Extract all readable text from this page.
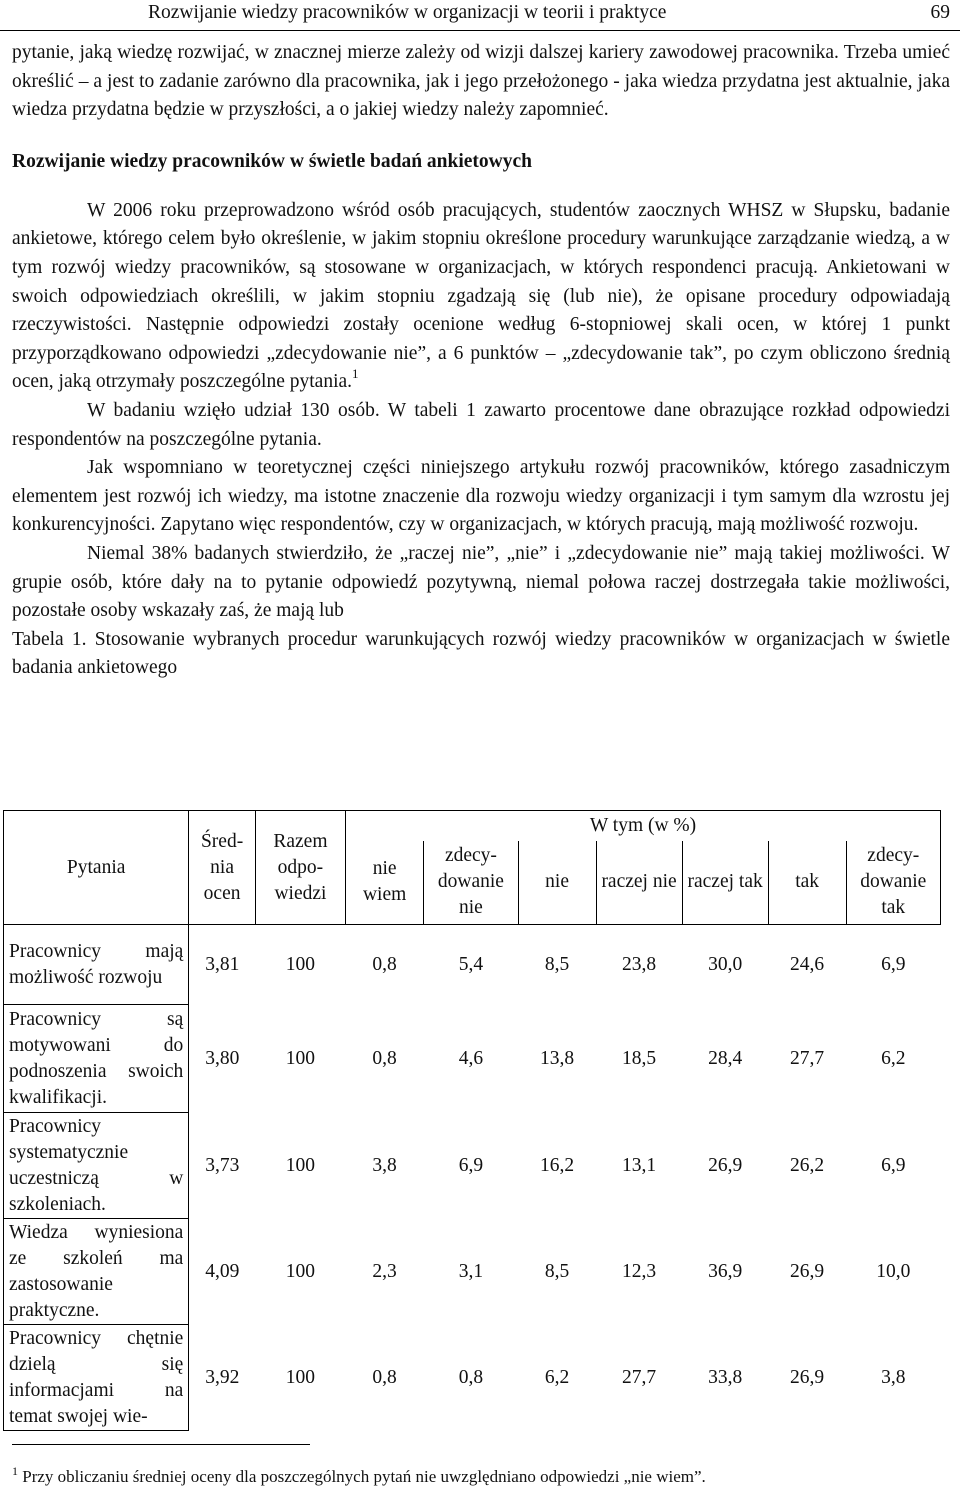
Rozwijanie wiedzy pracowników w organizacji w teorii i praktyce	69

pytanie, jaką wiedzę rozwijać, w znacznej mierze zależy od wizji dalszej kariery zawodowej pracownika. Trzeba umieć określić – a jest to zadanie zarówno dla pracownika, jak i jego przełożonego - jaka wiedza przydatna jest aktualnie, jaka wiedza przydatna będzie w przyszłości, a o jakiej wiedzy należy zapomnieć.

Rozwijanie wiedzy pracowników w świetle badań ankietowych

W 2006 roku przeprowadzono wśród osób pracujących, studentów zaocznych WHSZ w Słupsku, badanie ankietowe, którego celem było określenie, w jakim stopniu określone procedury warunkujące zarządzanie wiedzą, a w tym rozwój wiedzy pracowników, są stosowane w organizacjach, w których respondenci pracują. Ankietowani w swoich odpowiedziach określili, w jakim stopniu zgadzają się (lub nie), że opisane procedury odpowiadają rzeczywistości. Następnie odpowiedzi zostały ocenione według 6-stopniowej skali ocen, w której 1 punkt przyporządkowano odpowiedzi „zdecydowanie nie”, a 6 punktów – „zdecydowanie tak”, po czym obliczono średnią ocen, jaką otrzymały poszczególne pytania.$^1$

W badaniu wzięło udział 130 osób. W tabeli 1 zawarto procentowe dane obrazujące rozkład odpowiedzi respondentów na poszczególne pytania.

Jak wspomniano w teoretycznej części niniejszego artykułu rozwój pracowników, którego zasadniczym elementem jest rozwój ich wiedzy, ma istotne znaczenie dla rozwoju wiedzy organizacji i tym samym dla wzrostu jej konkurencyjności. Zapytano więc respondentów, czy w organizacjach, w których pracują, mają możliwość rozwoju.

Niemal 38% badanych stwierdziło, że „raczej nie”, „nie” i „zdecydowanie nie” mają takiej możliwości. W grupie osób, które dały na to pytanie odpowiedź pozytywną, niemal połowa raczej dostrzegała takie możliwości, pozostałe osoby wskazały zaś, że mają lub

Tabela 1. Stosowanie wybranych procedur warunkujących rozwój wiedzy pracowników w organizacjach w świetle badania ankietowego

Pytania	Śred-nia ocen	Razem odpo-wiedzi	W tym (w %)						
			nie wiem	zdecy-dowanie nie	nie	raczej nie	raczej tak	tak	zdecy-dowanie tak
Pracownicy mają możliwość rozwoju	3,81	100	0,8	5,4	8,5	23,8	30,0	24,6	6,9
Pracownicy są motywowani do podnoszenia swoich kwalifikacji.	3,80	100	0,8	4,6	13,8	18,5	28,4	27,7	6,2
Pracownicy systematycznie uczestniczą w szkoleniach.	3,73	100	3,8	6,9	16,2	13,1	26,9	26,2	6,9
Wiedza wyniesiona ze szkoleń ma zastosowanie praktyczne.	4,09	100	2,3	3,1	8,5	12,3	36,9	26,9	10,0
Pracownicy chętnie dzielą się informacjami na temat swojej wie-	3,92	100	0,8	0,8	6,2	27,7	33,8	26,9	3,8
$^1$ Przy obliczaniu średniej oceny dla poszczególnych pytań nie uwzględniano odpowiedzi „nie wiem”.
